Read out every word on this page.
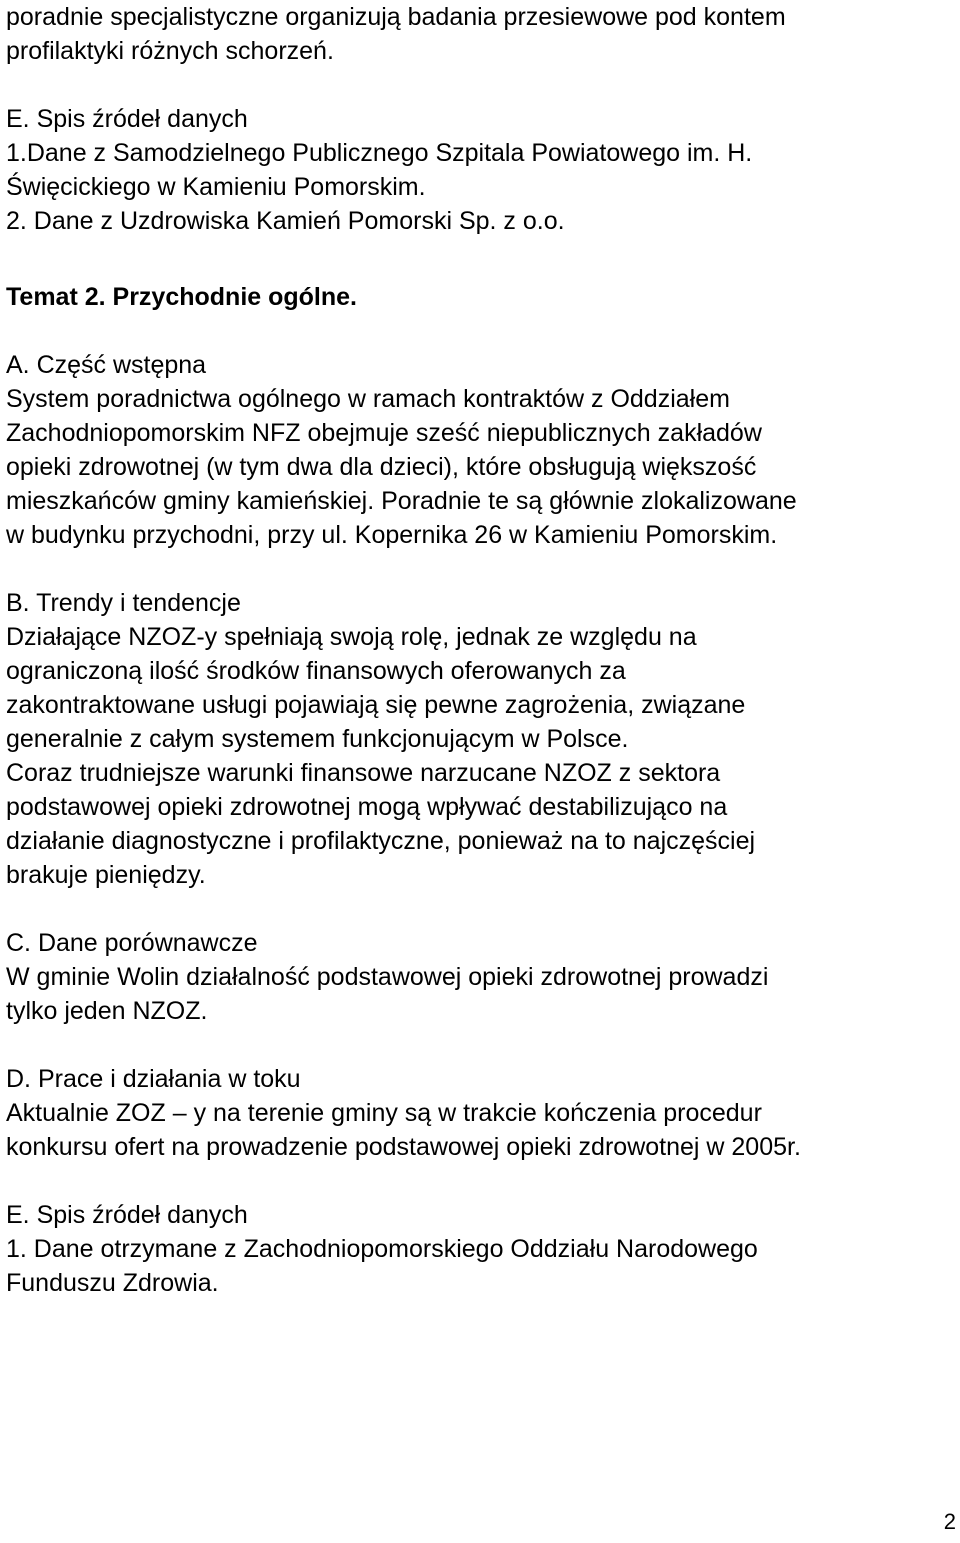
poradnie specjalistyczne organizują badania przesiewowe pod kontem
profilaktyki różnych schorzeń.
E. Spis źródeł danych
1.Dane z Samodzielnego Publicznego Szpitala Powiatowego im. H.
Święcickiego w Kamieniu Pomorskim.
2. Dane z Uzdrowiska Kamień Pomorski Sp. z o.o.
Temat 2. Przychodnie ogólne.
A. Część wstępna
System poradnictwa ogólnego w ramach kontraktów z Oddziałem
Zachodniopomorskim NFZ obejmuje sześć niepublicznych zakładów
opieki zdrowotnej (w tym dwa dla dzieci), które obsługują większość
mieszkańców gminy kamieńskiej. Poradnie te są głównie zlokalizowane
w budynku przychodni, przy ul. Kopernika 26 w Kamieniu Pomorskim.
B. Trendy i tendencje
Działające NZOZ-y spełniają swoją rolę, jednak ze względu na
ograniczoną ilość środków finansowych oferowanych za
zakontraktowane usługi pojawiają się pewne zagrożenia, związane
generalnie z całym systemem funkcjonującym w Polsce.
Coraz trudniejsze warunki finansowe narzucane NZOZ z sektora
podstawowej opieki zdrowotnej mogą wpływać destabilizująco na
działanie diagnostyczne i profilaktyczne, ponieważ na to najczęściej
brakuje pieniędzy.
C. Dane porównawcze
W gminie Wolin działalność podstawowej opieki zdrowotnej prowadzi
tylko jeden NZOZ.
D. Prace i działania w toku
Aktualnie ZOZ – y na terenie gminy są w trakcie kończenia procedur
konkursu ofert na prowadzenie podstawowej opieki zdrowotnej w 2005r.
E. Spis źródeł danych
1. Dane otrzymane z Zachodniopomorskiego Oddziału Narodowego
Funduszu Zdrowia.
2
